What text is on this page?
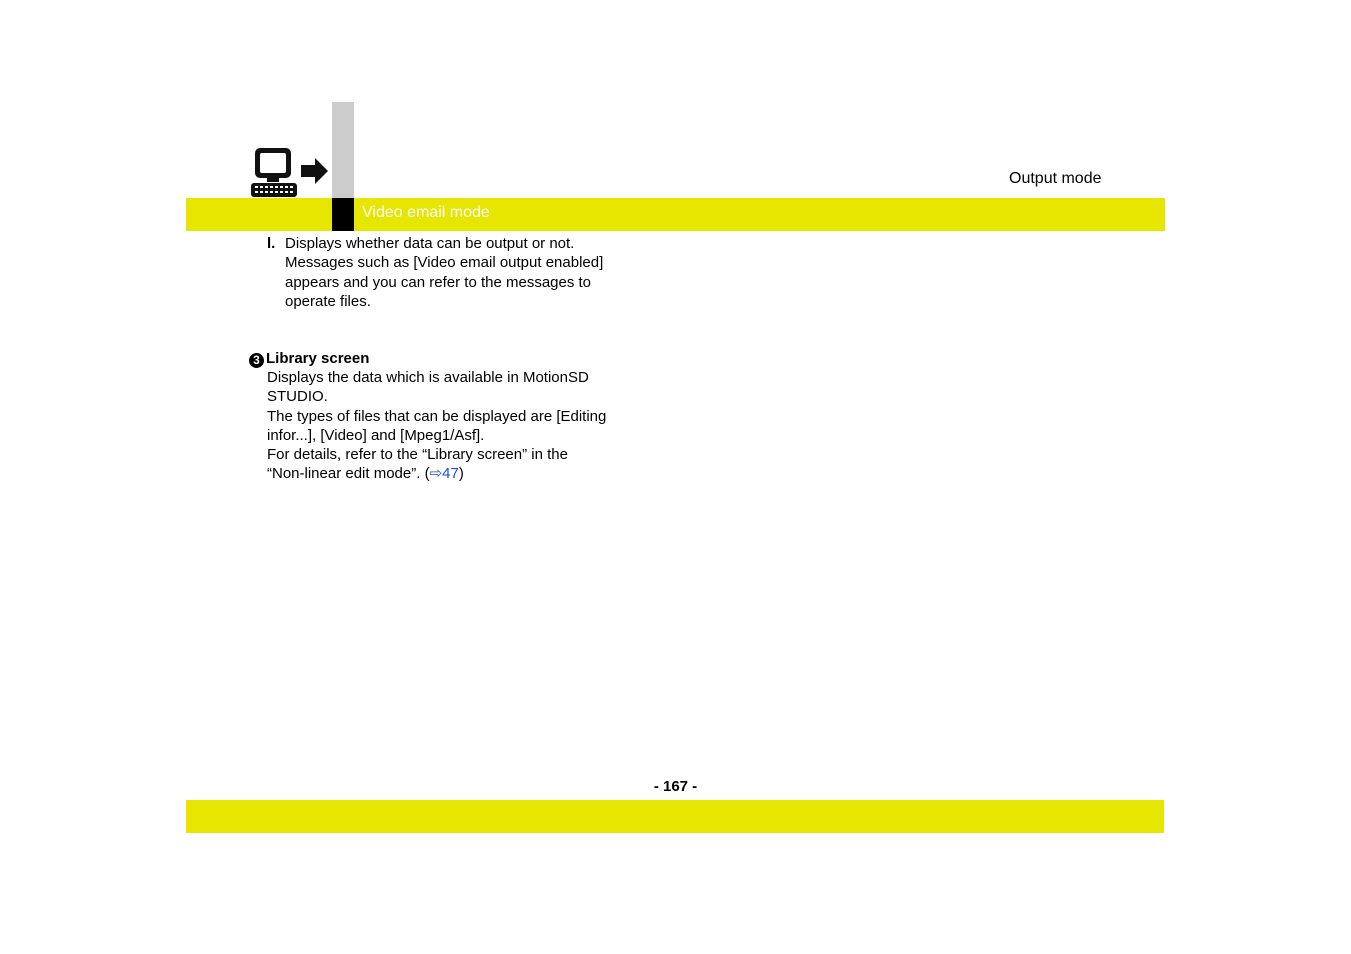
Video email mode
Output mode
l. Displays whether data can be output or not.
Messages such as [Video email output enabled]
appears and you can refer to the messages to
operate files.
3 Library screen
Displays the data which is available in MotionSD
STUDIO.
The types of files that can be displayed are [Editing
infor...], [Video] and [Mpeg1/Asf].
For details, refer to the “Library screen” in the
“Non-linear edit mode”. (⇨47)
- 167 -
